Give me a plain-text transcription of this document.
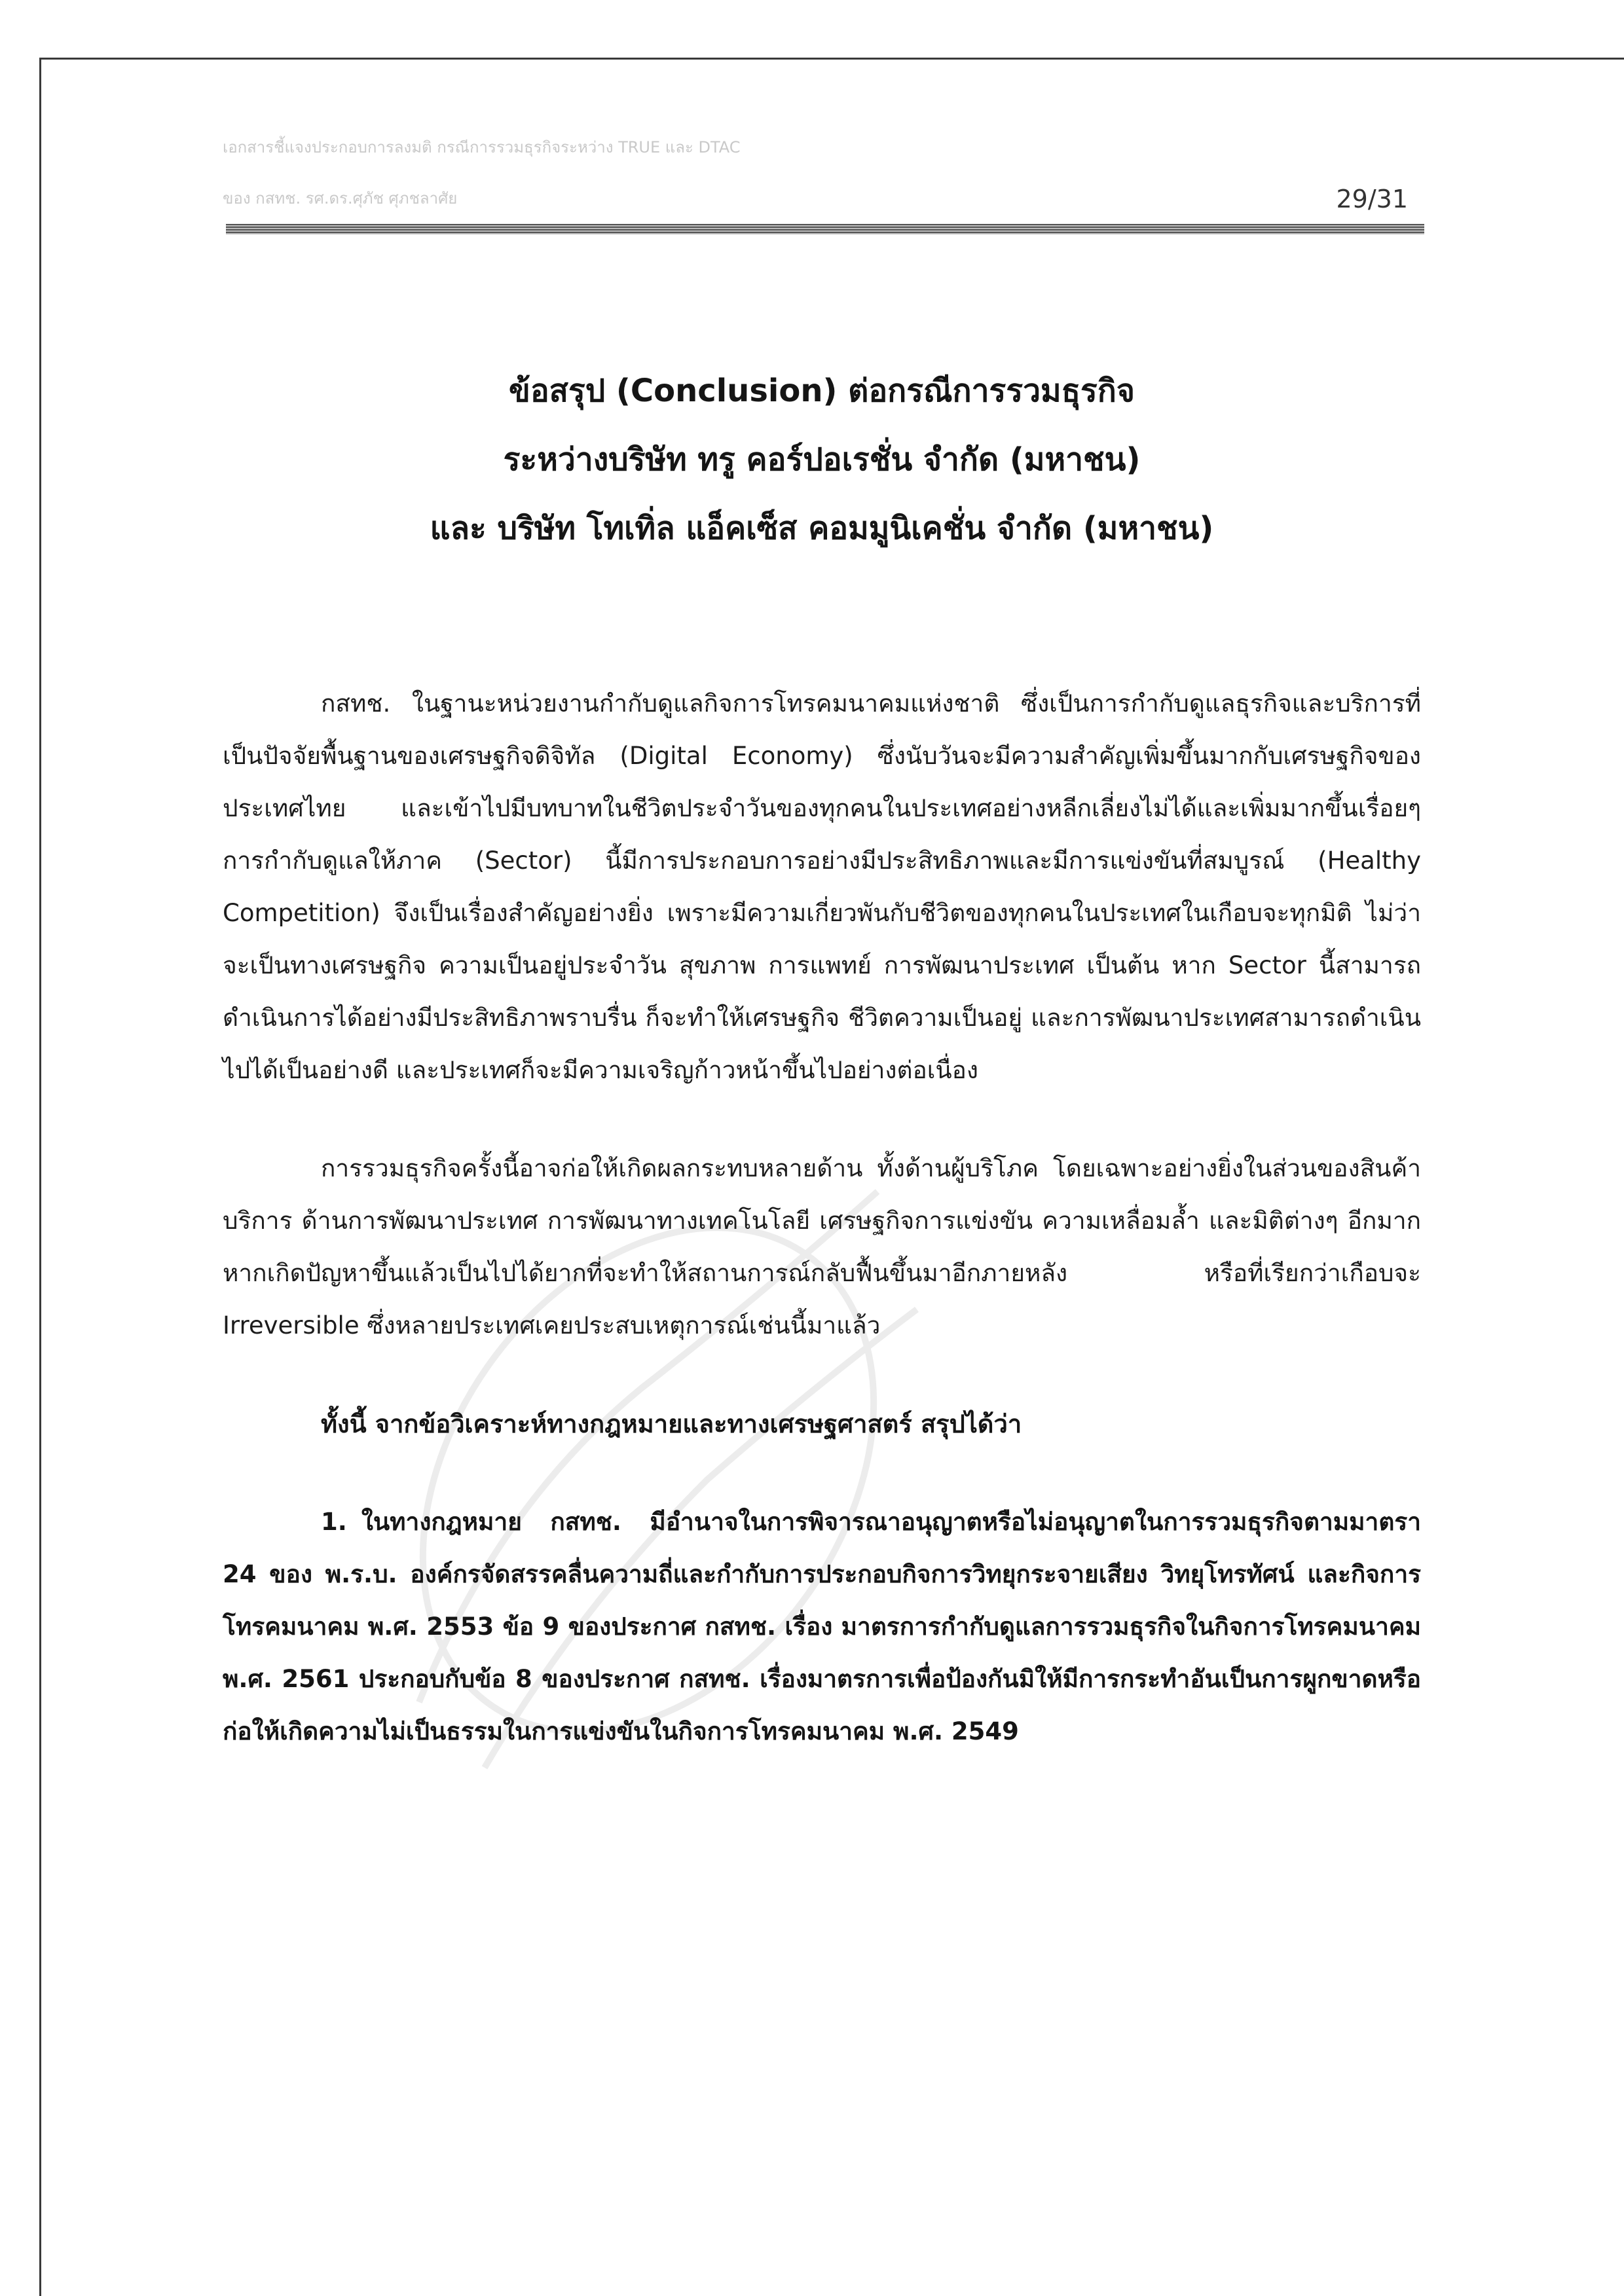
เอกสารชี้แจงประกอบการลงมติ กรณีการรวมธุรกิจระหว่าง TRUE และ DTAC
ของ กสทช. รศ.ดร.ศุภัช ศุภชลาศัย	29/31
ข้อสรุป (Conclusion) ต่อกรณีการรวมธุรกิจ
ระหว่างบริษัท ทรู คอร์ปอเรชั่น จำกัด (มหาชน)
และ บริษัท โทเทิ่ล แอ็คเซ็ส คอมมูนิเคชั่น จำกัด (มหาชน)

กสทช. ในฐานะหน่วยงานกำกับดูแลกิจการโทรคมนาคมแห่งชาติ ซึ่งเป็นการกำกับดูแลธุรกิจและบริการที่เป็นปัจจัยพื้นฐานของเศรษฐกิจดิจิทัล (Digital Economy) ซึ่งนับวันจะมีความสำคัญเพิ่มขึ้นมากกับเศรษฐกิจของประเทศไทย และเข้าไปมีบทบาทในชีวิตประจำวันของทุกคนในประเทศอย่างหลีกเลี่ยงไม่ได้และเพิ่มมากขึ้นเรื่อยๆ การกำกับดูแลให้ภาค (Sector) นี้มีการประกอบการอย่างมีประสิทธิภาพและมีการแข่งขันที่สมบูรณ์ (Healthy Competition) จึงเป็นเรื่องสำคัญอย่างยิ่ง เพราะมีความเกี่ยวพันกับชีวิตของทุกคนในประเทศในเกือบจะทุกมิติ ไม่ว่าจะเป็นทางเศรษฐกิจ ความเป็นอยู่ประจำวัน สุขภาพ การแพทย์ การพัฒนาประเทศ เป็นต้น หาก Sector นี้สามารถดำเนินการได้อย่างมีประสิทธิภาพราบรื่น ก็จะทำให้เศรษฐกิจ ชีวิตความเป็นอยู่ และการพัฒนาประเทศสามารถดำเนินไปได้เป็นอย่างดี และประเทศก็จะมีความเจริญก้าวหน้าขึ้นไปอย่างต่อเนื่อง

การรวมธุรกิจครั้งนี้อาจก่อให้เกิดผลกระทบหลายด้าน ทั้งด้านผู้บริโภค โดยเฉพาะอย่างยิ่งในส่วนของสินค้าบริการ ด้านการพัฒนาประเทศ การพัฒนาทางเทคโนโลยี เศรษฐกิจการแข่งขัน ความเหลื่อมล้ำ และมิติต่างๆ อีกมาก หากเกิดปัญหาขึ้นแล้วเป็นไปได้ยากที่จะทำให้สถานการณ์กลับฟื้นขึ้นมาอีกภายหลัง หรือที่เรียกว่าเกือบจะ Irreversible ซึ่งหลายประเทศเคยประสบเหตุการณ์เช่นนี้มาแล้ว

ทั้งนี้ จากข้อวิเคราะห์ทางกฎหมายและทางเศรษฐศาสตร์ สรุปได้ว่า

1. ในทางกฎหมาย กสทช. มีอำนาจในการพิจารณาอนุญาตหรือไม่อนุญาตในการรวมธุรกิจตามมาตรา 24 ของ พ.ร.บ. องค์กรจัดสรรคลื่นความถี่และกำกับการประกอบกิจการวิทยุกระจายเสียง วิทยุโทรทัศน์ และกิจการโทรคมนาคม พ.ศ. 2553 ข้อ 9 ของประกาศ กสทช. เรื่อง มาตรการกำกับดูแลการรวมธุรกิจในกิจการโทรคมนาคม พ.ศ. 2561 ประกอบกับข้อ 8 ของประกาศ กสทช. เรื่องมาตรการเพื่อป้องกันมิให้มีการกระทำอันเป็นการผูกขาดหรือก่อให้เกิดความไม่เป็นธรรมในการแข่งขันในกิจการโทรคมนาคม พ.ศ. 2549
